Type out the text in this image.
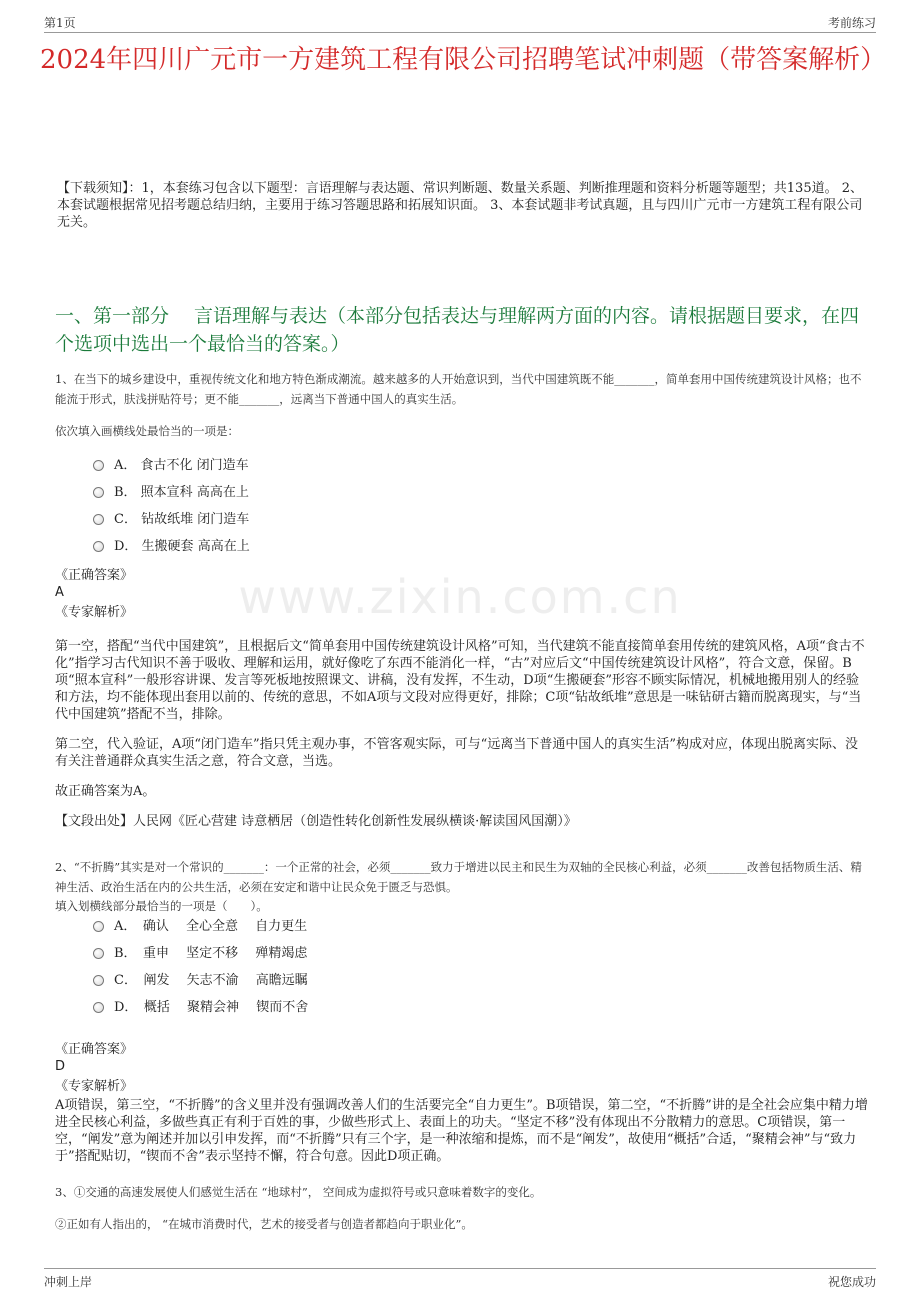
第1页	考前练习
2024年四川广元市一方建筑工程有限公司招聘笔试冲刺题（带答案解析）
【下载须知】：1，本套练习包含以下题型：言语理解与表达题、常识判断题、数量关系题、判断推理题和资料分析题等题型；共135道。 2、本套试题根据常见招考题总结归纳，主要用于练习答题思路和拓展知识面。 3、本套试题非考试真题，且与四川广元市一方建筑工程有限公司无关。
一、第一部分　 言语理解与表达（本部分包括表达与理解两方面的内容。请根据题目要求，在四个选项中选出一个最恰当的答案。）
www.zixin.com.cn
1、在当下的城乡建设中，重视传统文化和地方特色渐成潮流。越来越多的人开始意识到，当代中国建筑既不能_______，简单套用中国传统建筑设计风格；也不能流于形式，肤浅拼贴符号；更不能_______，远离当下普通中国人的真实生活。
依次填入画横线处最恰当的一项是：
A． 食古不化 闭门造车
B． 照本宣科 高高在上
C． 钻故纸堆 闭门造车
D． 生搬硬套 高高在上
《正确答案》
A
《专家解析》

第一空，搭配“当代中国建筑”，且根据后文“简单套用中国传统建筑设计风格”可知，当代建筑不能直接简单套用传统的建筑风格，A项“食古不化”指学习古代知识不善于吸收、理解和运用，就好像吃了东西不能消化一样，“古”对应后文“中国传统建筑设计风格”，符合文意，保留。B项“照本宣科”一般形容讲课、发言等死板地按照课文、讲稿，没有发挥，不生动，D项“生搬硬套”形容不顾实际情况，机械地搬用别人的经验和方法，均不能体现出套用以前的、传统的意思，不如A项与文段对应得更好，排除；C项“钻故纸堆”意思是一味钻研古籍而脱离现实，与“当代中国建筑”搭配不当，排除。

第二空，代入验证，A项“闭门造车”指只凭主观办事，不管客观实际，可与“远离当下普通中国人的真实生活”构成对应，体现出脱离实际、没有关注普通群众真实生活之意，符合文意，当选。

故正确答案为A。

【文段出处】人民网《匠心营建 诗意栖居（创造性转化创新性发展纵横谈·解读国风国潮）》

2、“不折腾”其实是对一个常识的_______：一个正常的社会，必须_______致力于增进以民主和民生为双轴的全民核心利益，必须_______改善包括物质生活、精神生活、政治生活在内的公共生活，必须在安定和谐中让民众免于匮乏与恐惧。
填入划横线部分最恰当的一项是（　　）。
A．　确认　 全心全意　 自力更生
B．　重申　 坚定不移　 殚精竭虑
C．　阐发　 矢志不渝　 高瞻远瞩
D．　概括　 聚精会神　 锲而不舍
《正确答案》
D
《专家解析》
A项错误，第三空，“不折腾”的含义里并没有强调改善人们的生活要完全“自力更生”。B项错误，第二空，“不折腾”讲的是全社会应集中精力增进全民核心利益，多做些真正有利于百姓的事，少做些形式上、表面上的功夫。“坚定不移”没有体现出不分散精力的意思。C项错误，第一空，“阐发”意为阐述并加以引申发挥，而“不折腾”只有三个字，是一种浓缩和提炼，而不是“阐发”，故使用“概括”合适，“聚精会神”与“致力于”搭配贴切，“锲而不舍”表示坚持不懈，符合句意。因此D项正确。
3、①交通的高速发展使人们感觉生活在 “地球村”， 空间成为虚拟符号或只意味着数字的变化。
②正如有人指出的， “在城市消费时代，艺术的接受者与创造者都趋向于职业化”。
冲刺上岸	祝您成功
